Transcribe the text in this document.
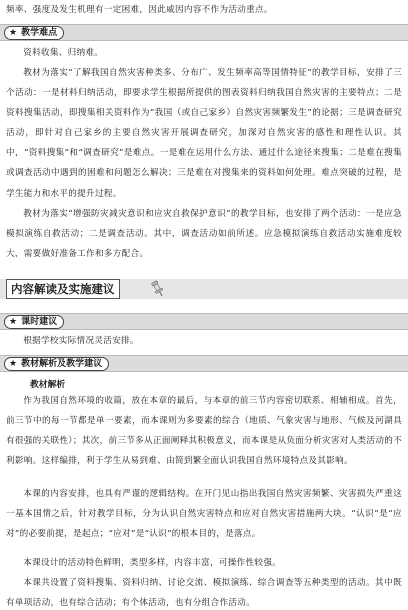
频率、强度及发生机理有一定困难，因此威因内容不作为活动重点。
★ 教学难点
资料收集、归纳难。
教材为落实“了解我国自然灾害种类多、分布广、发生频率高等国情特征”的教学目标，安排了三个活动：一是材料归纳活动，即要求学生根据所提供的图表资料归纳我国自然灾害的主要特点；二是资料搜集活动，即搜集相关资料作为“我国（或自己家乡）自然灾害频繁发生”的论据；三是调查研究活动，即针对自己家乡的主要自然灾害开展调查研究，加深对自然灾害的感性和理性认识。其中，“资料搜集”和“调查研究”是难点。一是难在运用什么方法、通过什么途径来搜集；二是难在搜集或调查活动中遇到的困难和问题怎么解决；三是难在对搜集来的资料如何处理。难点突破的过程，是学生能力和水平的提升过程。
教材为落实“增强防灾减灾意识和应灾自救保护意识”的教学目标，也安排了两个活动：一是应急模拟演练自救活动；二是调查活动。其中，调查活动如前所述。应急模拟演练自救活动实施难度较大，需要做好准备工作和多方配合。
内容解读及实施建议
★ 课时建议
根据学校实际情况灵活安排。
★ 教材解析及教学建议
教材解析
作为我国自然环境的收篇，放在本章的最后，与本章的前三节内容密切联系、相辅相成。首先，前三节中的每一节都是单一要素，而本课则为多要素的综合（地质、气象灾害与地形、气候及河湖具有很强的关联性）；其次，前三节多从正面阐释其积极意义，而本课是从负面分析灾害对人类活动的不利影响。这样编排，利于学生从易到难、由简到繁全面认识我国自然环境特点及其影响。
本课的内容安排，也具有严谨的逻辑结构。在开门见山指出我国自然灾害频繁、灾害损失严重这一基本国情之后，针对教学目标，分为认识自然灾害特点和应对自然灾害措施两大块。“认识”是“应对”的必要前提，是起点；“应对”是“认识”的根本目的，是落点。
本课设计的活动特色鲜明，类型多样，内容丰富，可操作性较强。
本课共设置了资料搜集、资料归纳、讨论交流、模拟演练、综合调查等五种类型的活动。其中既有单项活动，也有综合活动；有个体活动，也有分组合作活动。
